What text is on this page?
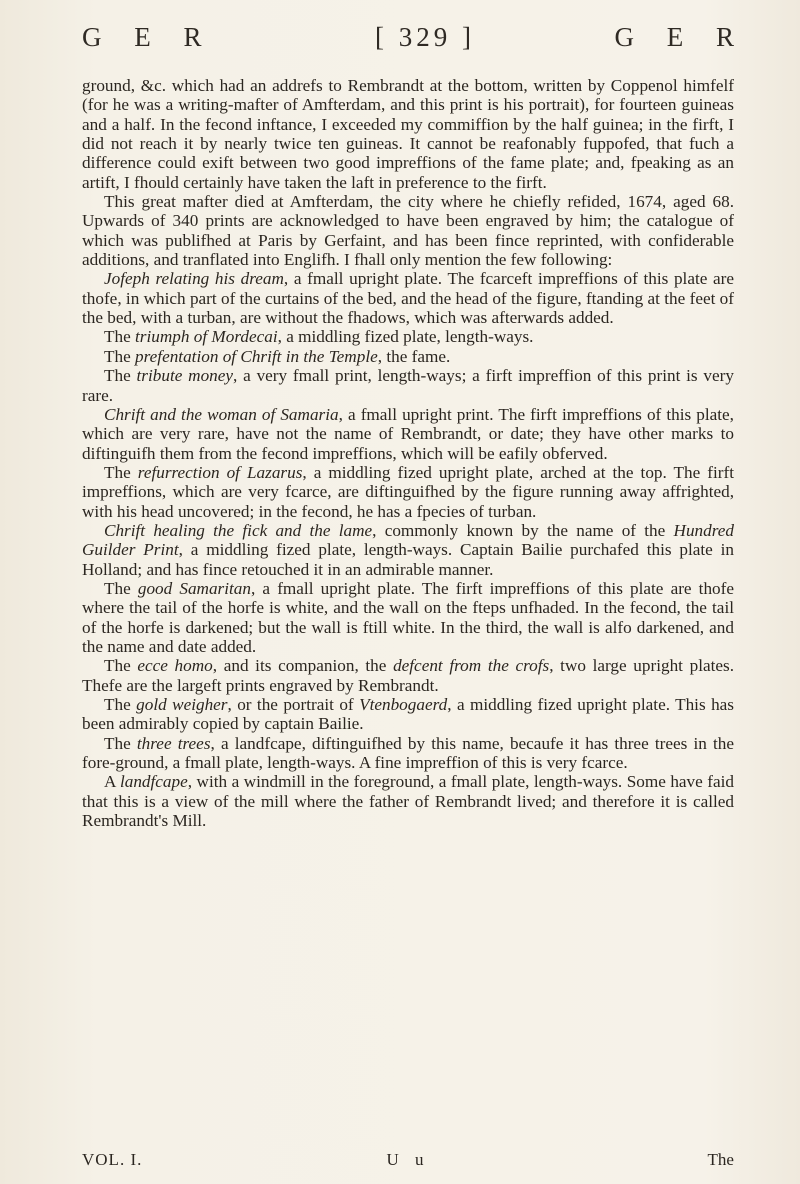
G E R	[ 329 ]	G E R

ground, &c. which had an addrefs to Rembrandt at the bottom, written by Coppenol himfelf (for he was a writing-mafter of Amfterdam, and this print is his portrait), for fourteen guineas and a half. In the fecond inftance, I exceeded my commiffion by the half guinea; in the firft, I did not reach it by nearly twice ten guineas. It cannot be reafonably fuppofed, that fuch a difference could exift between two good impreffions of the fame plate; and, fpeaking as an artift, I fhould certainly have taken the laft in preference to the firft.

This great mafter died at Amfterdam, the city where he chiefly refided, 1674, aged 68. Upwards of 340 prints are acknowledged to have been engraved by him; the catalogue of which was publifhed at Paris by Gerfaint, and has been fince reprinted, with confiderable additions, and tranflated into Englifh. I fhall only mention the few following:

Jofeph relating his dream, a fmall upright plate. The fcarceft impreffions of this plate are thofe, in which part of the curtains of the bed, and the head of the figure, ftanding at the feet of the bed, with a turban, are without the fhadows, which was afterwards added.

The triumph of Mordecai, a middling fized plate, length-ways.

The prefentation of Chrift in the Temple, the fame.

The tribute money, a very fmall print, length-ways; a firft impreffion of this print is very rare.

Chrift and the woman of Samaria, a fmall upright print. The firft impreffions of this plate, which are very rare, have not the name of Rembrandt, or date; they have other marks to diftinguifh them from the fecond impreffions, which will be eafily obferved.

The refurrection of Lazarus, a middling fized upright plate, arched at the top. The firft impreffions, which are very fcarce, are diftinguifhed by the figure running away affrighted, with his head uncovered; in the fecond, he has a fpecies of turban.

Chrift healing the fick and the lame, commonly known by the name of the Hundred Guilder Print, a middling fized plate, length-ways. Captain Bailie purchafed this plate in Holland; and has fince retouched it in an admirable manner.

The good Samaritan, a fmall upright plate. The firft impreffions of this plate are thofe where the tail of the horfe is white, and the wall on the fteps unfhaded. In the fecond, the tail of the horfe is darkened; but the wall is ftill white. In the third, the wall is alfo darkened, and the name and date added.

The ecce homo, and its companion, the defcent from the crofs, two large upright plates. Thefe are the largeft prints engraved by Rembrandt.

The gold weigher, or the portrait of Vtenbogaerd, a middling fized upright plate. This has been admirably copied by captain Bailie.

The three trees, a landfcape, diftinguifhed by this name, becaufe it has three trees in the fore-ground, a fmall plate, length-ways. A fine impreffion of this is very fcarce.

A landfcape, with a windmill in the foreground, a fmall plate, length-ways. Some have faid that this is a view of the mill where the father of Rembrandt lived; and therefore it is called Rembrandt's Mill.

VOL. I.	U u	The
